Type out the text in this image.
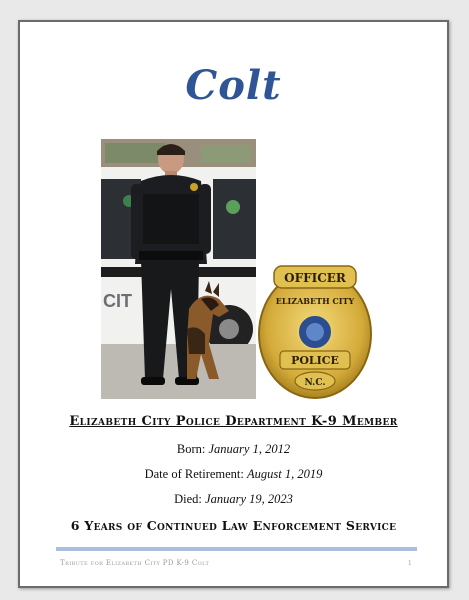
Colt
CIT
OFFICER
ELIZABETH CITY
POLICE
N.C.
Elizabeth City Police Department K-9 Member
Born: January 1, 2012
Date of Retirement: August 1, 2019
Died: January 19, 2023
6 Years of Continued Law Enforcement Service
Tribute for Elizabeth City PD K-9 Colt	1
